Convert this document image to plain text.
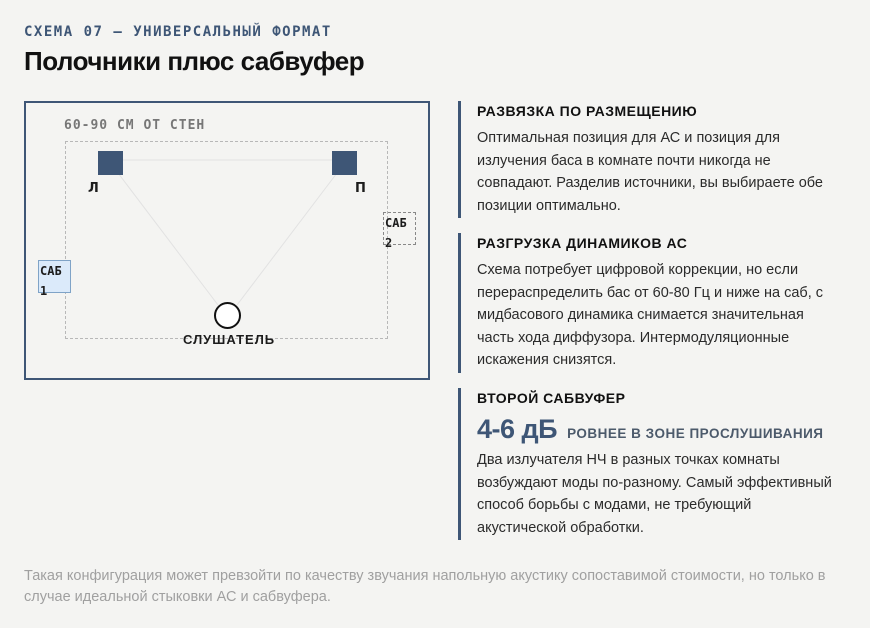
СХЕМА 07 — УНИВЕРСАЛЬНЫЙ ФОРМАТ
Полочники плюс сабвуфер
60-90 СМ ОТ СТЕН
Л	П
САБ
1
САБ
2
СЛУШАТЕЛЬ
РАЗВЯЗКА ПО РАЗМЕЩЕНИЮ

Оптимальная позиция для АС и позиция для излучения баса в комнате почти никогда не совпадают. Разделив источники, вы выбираете обе позиции оптимально.

РАЗГРУЗКА ДИНАМИКОВ АС

Схема потребует цифровой коррекции, но если перераспределить бас от 60-80 Гц и ниже на саб, с мидбасового динамика снимается значительная часть хода диффузора. Интермодуляционные искажения снизятся.

ВТОРОЙ САБВУФЕР
4-6 дБ РОВНЕЕ В ЗОНЕ ПРОСЛУШИВАНИЯ

Два излучателя НЧ в разных точках комнаты возбуждают моды по-разному. Самый эффективный способ борьбы с модами, не требующий акустической обработки.

Такая конфигурация может превзойти по качеству звучания напольную акустику сопоставимой стоимости, но только в случае идеальной стыковки АС и сабвуфера.
